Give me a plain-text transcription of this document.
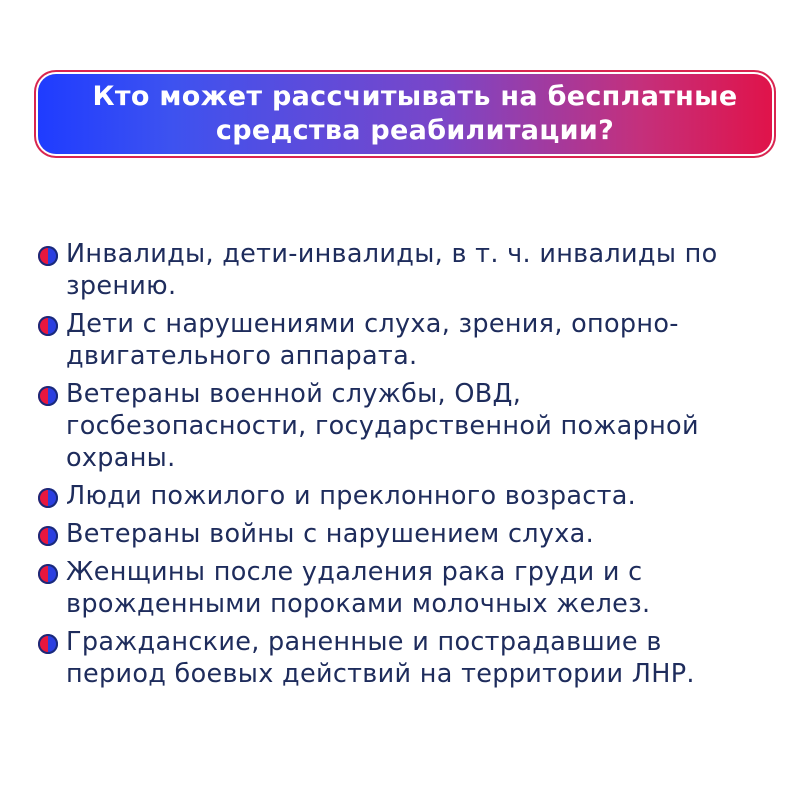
Кто может рассчитывать на бесплатные
средства реабилитации?
Инвалиды, дети-инвалиды, в т. ч. инвалиды по зрению.
Дети с нарушениями слуха, зрения, опорно-двигательного аппарата.
Ветераны военной службы, ОВД, госбезопасности, государственной пожарной охраны.
Люди пожилого и преклонного возраста.
Ветераны войны с нарушением слуха.
Женщины после удаления рака груди и с врожденными пороками молочных желез.
Гражданские, раненные и пострадавшие в период боевых действий на территории ЛНР.
